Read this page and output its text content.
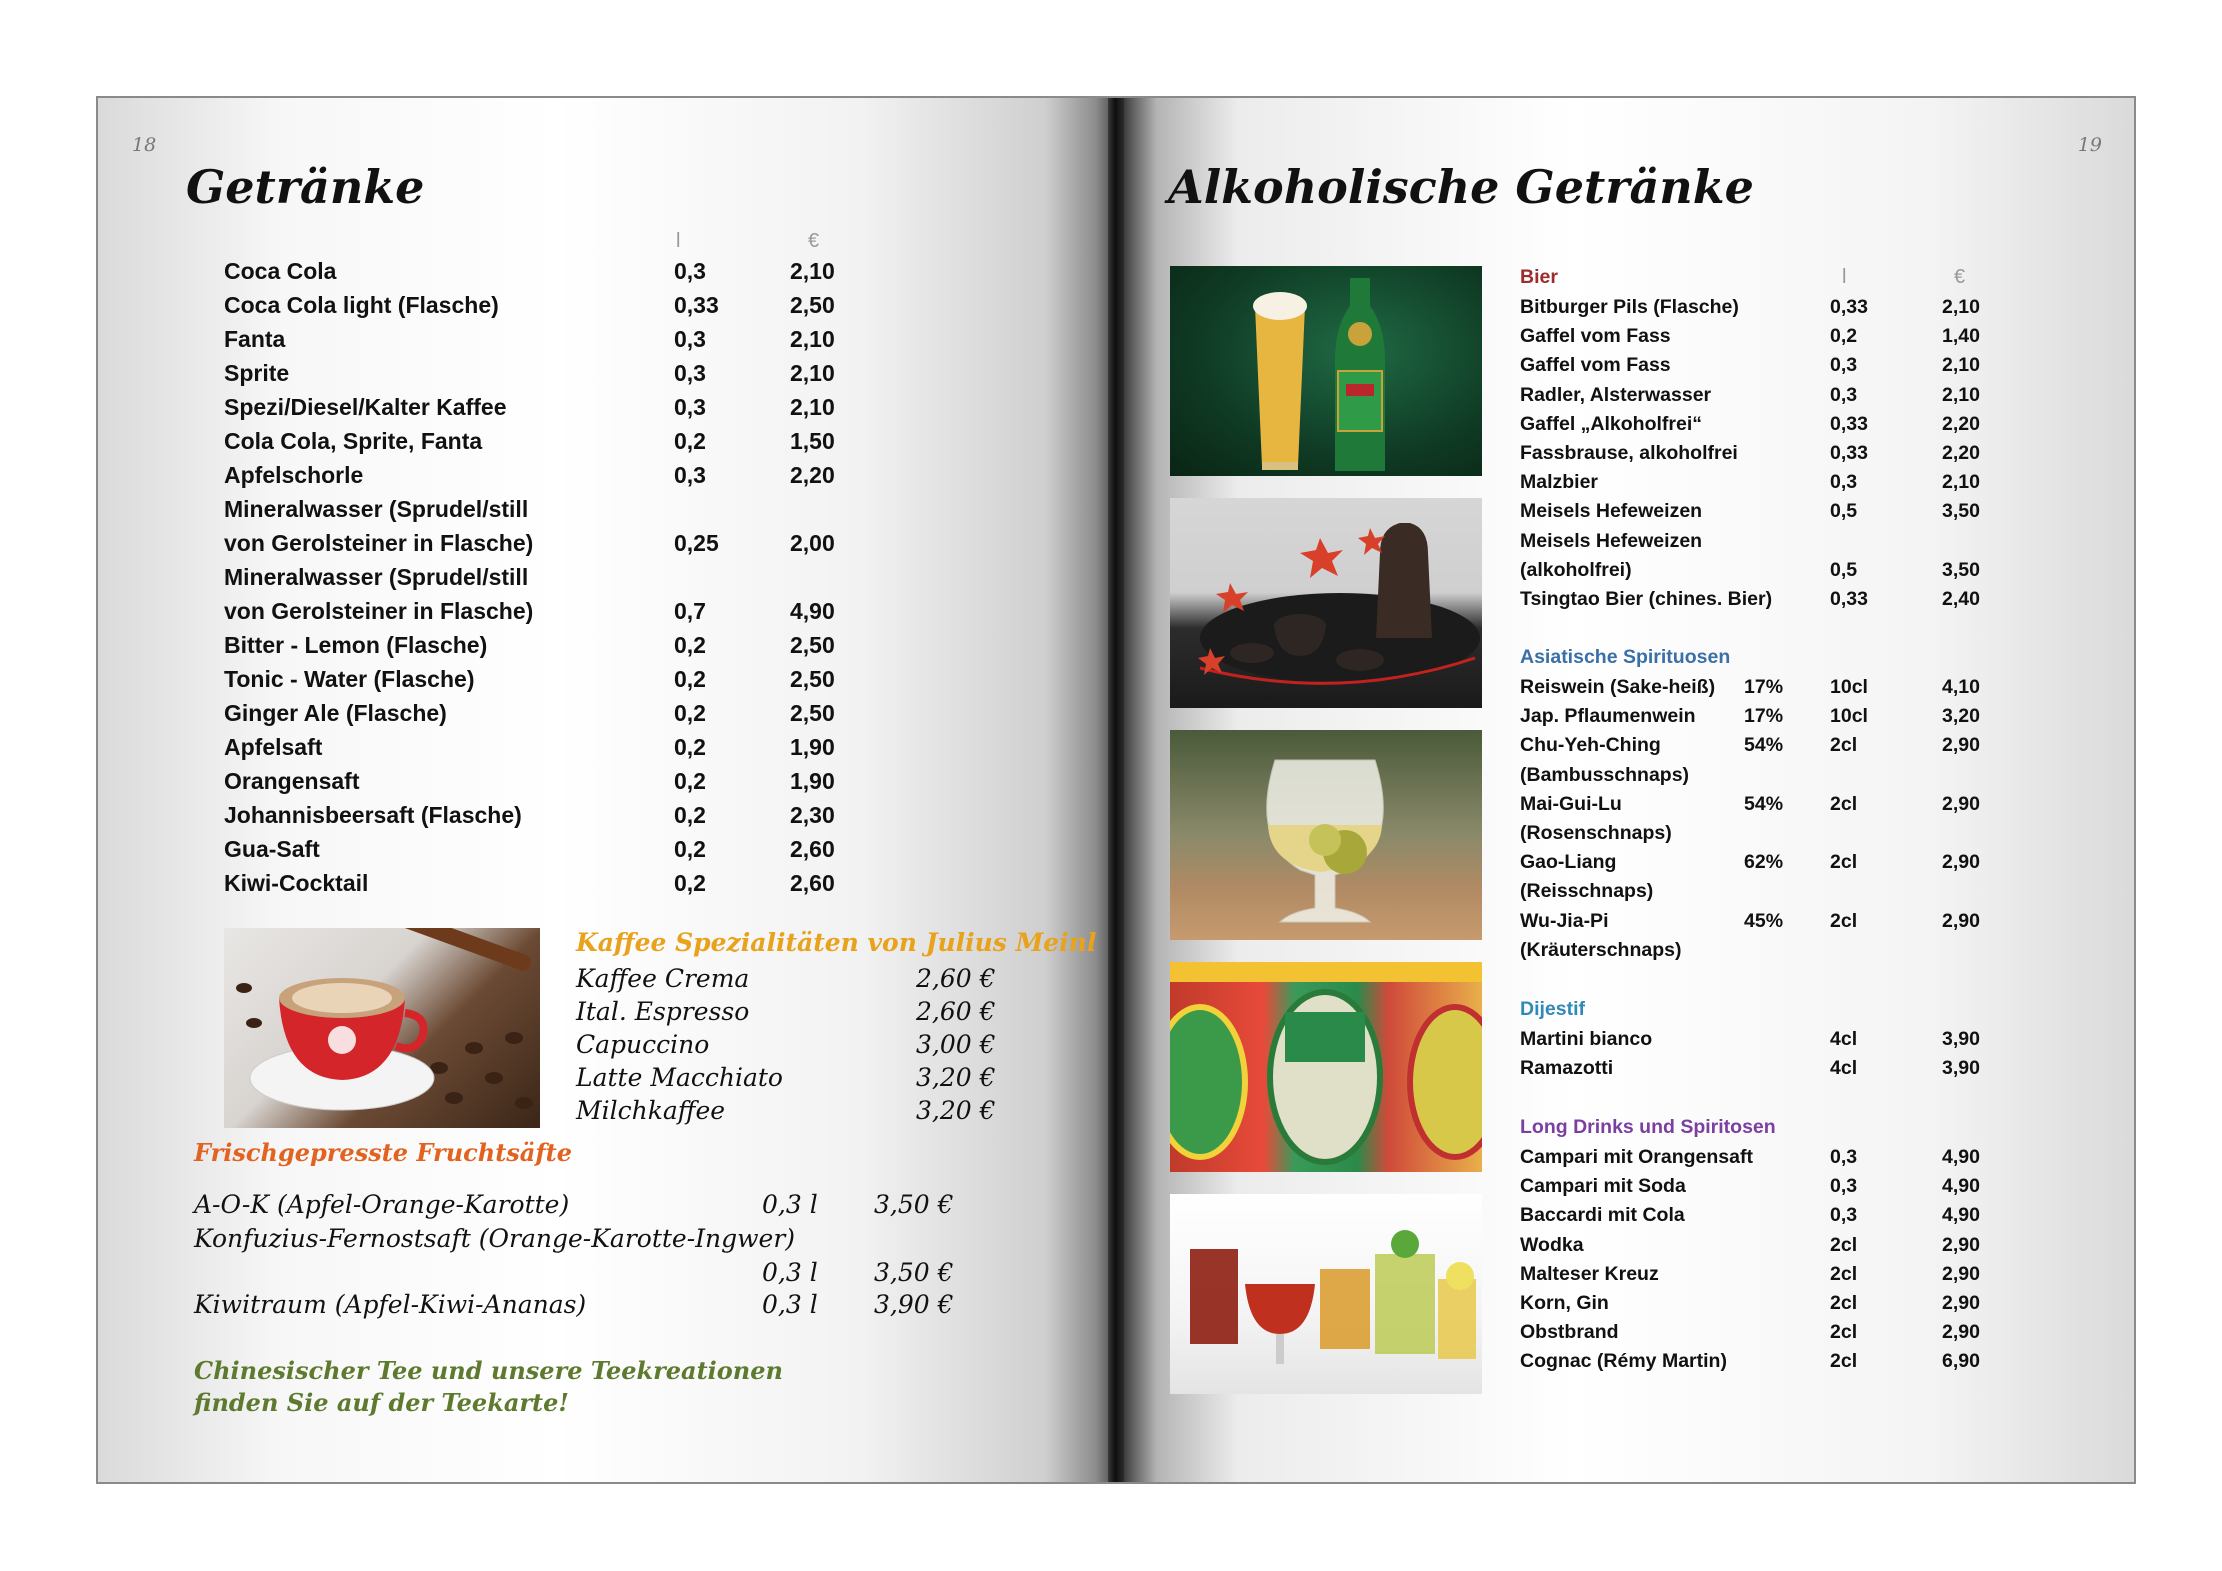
18
Getränke
l	€
Coca Cola	0,3	2,10
Coca Cola light (Flasche)	0,33	2,50
Fanta	0,3	2,10
Sprite	0,3	2,10
Spezi/Diesel/Kalter Kaffee	0,3	2,10
Cola Cola, Sprite, Fanta	0,2	1,50
Apfelschorle	0,3	2,20
Mineralwasser (Sprudel/still
von Gerolsteiner in Flasche)	0,25	2,00
Mineralwasser (Sprudel/still
von Gerolsteiner in Flasche)	0,7	4,90
Bitter - Lemon (Flasche)	0,2	2,50
Tonic - Water (Flasche)	0,2	2,50
Ginger Ale (Flasche)	0,2	2,50
Apfelsaft	0,2	1,90
Orangensaft	0,2	1,90
Johannisbeersaft (Flasche)	0,2	2,30
Gua-Saft	0,2	2,60
Kiwi-Cocktail	0,2	2,60
Kaffee Spezialitäten von Julius Meinl
Kaffee Crema	2,60 €
Ital. Espresso	2,60 €
Capuccino	3,00 €
Latte Macchiato	3,20 €
Milchkaffee	3,20 €
Frischgepresste Fruchtsäfte
A-O-K (Apfel-Orange-Karotte)	0,3 l 3,50 €
Konfuzius-Fernostsaft (Orange-Karotte-Ingwer)
0,3 l 3,50 €
Kiwitraum (Apfel-Kiwi-Ananas)	0,3 l 3,90 €
Chinesischer Tee und unsere Teekreationen
finden Sie auf der Teekarte!
19
Alkoholische Getränke
l	€
Bier
Bitburger Pils (Flasche)	0,33	2,10
Gaffel vom Fass	0,2	1,40
Gaffel vom Fass	0,3	2,10
Radler, Alsterwasser	0,3	2,10
Gaffel „Alkoholfrei“	0,33	2,20
Fassbrause, alkoholfrei	0,33	2,20
Malzbier	0,3	2,10
Meisels Hefeweizen	0,5	3,50
Meisels Hefeweizen
(alkoholfrei)	0,5	3,50
Tsingtao Bier (chines. Bier)	0,33	2,40
Asiatische Spirituosen
Reiswein (Sake-heiß) 17% 10cl	4,10
Jap. Pflaumenwein 17% 10cl	3,20
Chu-Yeh-Ching	54% 2cl	2,90
(Bambusschnaps)
Mai-Gui-Lu	54% 2cl	2,90
(Rosenschnaps)
Gao-Liang	62% 2cl	2,90
(Reisschnaps)
Wu-Jia-Pi	45% 2cl	2,90
(Kräuterschnaps)
Dijestif
Martini bianco	4cl	3,90
Ramazotti	4cl	3,90
Long Drinks und Spiritosen
Campari mit Orangensaft	0,3	4,90
Campari mit Soda	0,3	4,90
Baccardi mit Cola	0,3	4,90
Wodka	2cl	2,90
Malteser Kreuz	2cl	2,90
Korn, Gin	2cl	2,90
Obstbrand	2cl	2,90
Cognac (Rémy Martin)	2cl	6,90
